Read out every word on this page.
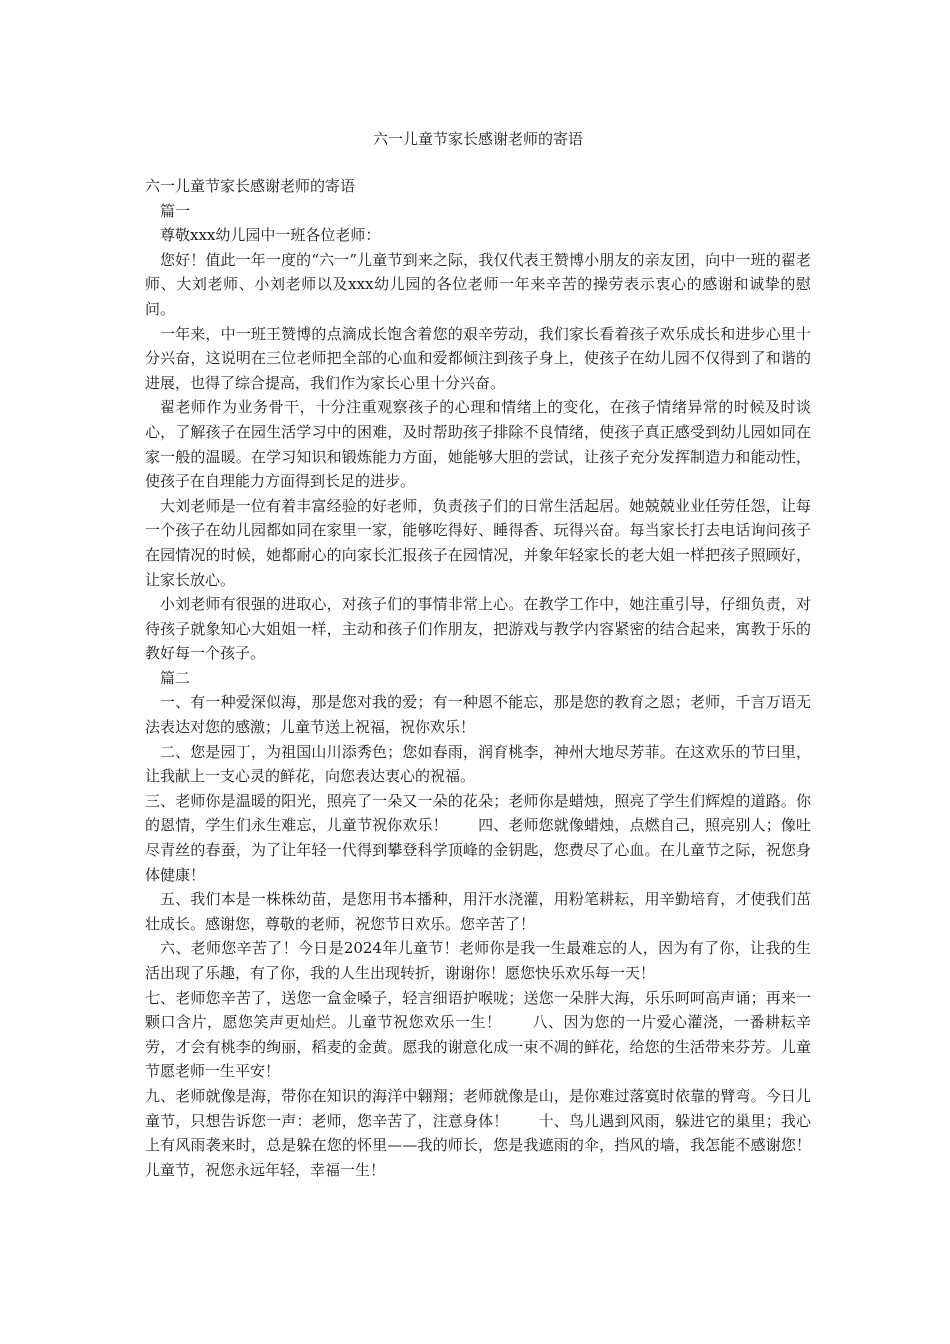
六一儿童节家长感谢老师的寄语

六一儿童节家长感谢老师的寄语

篇一

尊敬xxx幼儿园中一班各位老师：

您好！值此一年一度的“六一”儿童节到来之际，我仅代表王赞博小朋友的亲友团，向中一班的翟老师、大刘老师、小刘老师以及xxx幼儿园的各位老师一年来辛苦的操劳表示衷心的感谢和诚挚的慰问。

一年来，中一班王赞博的点滴成长饱含着您的艰辛劳动，我们家长看着孩子欢乐成长和进步心里十分兴奋，这说明在三位老师把全部的心血和爱都倾注到孩子身上，使孩子在幼儿园不仅得到了和谐的进展，也得了综合提高，我们作为家长心里十分兴奋。

翟老师作为业务骨干，十分注重观察孩子的心理和情绪上的变化，在孩子情绪异常的时候及时谈心，了解孩子在园生活学习中的困难，及时帮助孩子排除不良情绪，使孩子真正感受到幼儿园如同在家一般的温暖。在学习知识和锻炼能力方面，她能够大胆的尝试，让孩子充分发挥制造力和能动性，使孩子在自理能力方面得到长足的进步。

大刘老师是一位有着丰富经验的好老师，负责孩子们的日常生活起居。她兢兢业业任劳任怨，让每一个孩子在幼儿园都如同在家里一家，能够吃得好、睡得香、玩得兴奋。每当家长打去电话询问孩子在园情况的时候，她都耐心的向家长汇报孩子在园情况，并象年轻家长的老大姐一样把孩子照顾好，让家长放心。

小刘老师有很强的进取心，对孩子们的事情非常上心。在教学工作中，她注重引导，仔细负责，对待孩子就象知心大姐姐一样，主动和孩子们作朋友，把游戏与教学内容紧密的结合起来，寓教于乐的教好每一个孩子。

篇二

一、有一种爱深似海，那是您对我的爱；有一种恩不能忘，那是您的教育之恩；老师，千言万语无法表达对您的感激；儿童节送上祝福，祝你欢乐！

二、您是园丁，为祖国山川添秀色；您如春雨，润育桃李，神州大地尽芳菲。在这欢乐的节曰里，让我献上一支心灵的鲜花，向您表达衷心的祝福。

三、老师你是温暖的阳光，照亮了一朵又一朵的花朵；老师你是蜡烛，照亮了学生们辉煌的道路。你的恩情，学生们永生难忘，儿童节祝你欢乐！　　四、老师您就像蜡烛，点燃自己，照亮别人；像吐尽青丝的春蚕，为了让年轻一代得到攀登科学顶峰的金钥匙，您费尽了心血。在儿童节之际，祝您身体健康！

五、我们本是一株株幼苗，是您用书本播种，用汗水浇灌，用粉笔耕耘，用辛勤培育，才使我们茁壮成长。感谢您，尊敬的老师，祝您节日欢乐。您辛苦了！

六、老师您辛苦了！今日是2024年儿童节！老师你是我一生最难忘的人，因为有了你，让我的生活出现了乐趣，有了你，我的人生出现转折，谢谢你！愿您快乐欢乐每一天！

七、老师您辛苦了，送您一盒金嗓子，轻言细语护喉咙；送您一朵胖大海，乐乐呵呵高声诵；再来一颗口含片，愿您笑声更灿烂。儿童节祝您欢乐一生！　　八、因为您的一片爱心灌浇，一番耕耘辛劳，才会有桃李的绚丽，稻麦的金黄。愿我的谢意化成一束不凋的鲜花，给您的生活带来芬芳。儿童节愿老师一生平安！

九、老师就像是海，带你在知识的海洋中翱翔；老师就像是山，是你难过落寞时依靠的臂弯。今日儿童节，只想告诉您一声：老师，您辛苦了，注意身体！　　十、鸟儿遇到风雨，躲进它的巢里；我心上有风雨袭来时，总是躲在您的怀里——我的师长，您是我遮雨的伞，挡风的墙，我怎能不感谢您！儿童节，祝您永远年轻，幸福一生！
